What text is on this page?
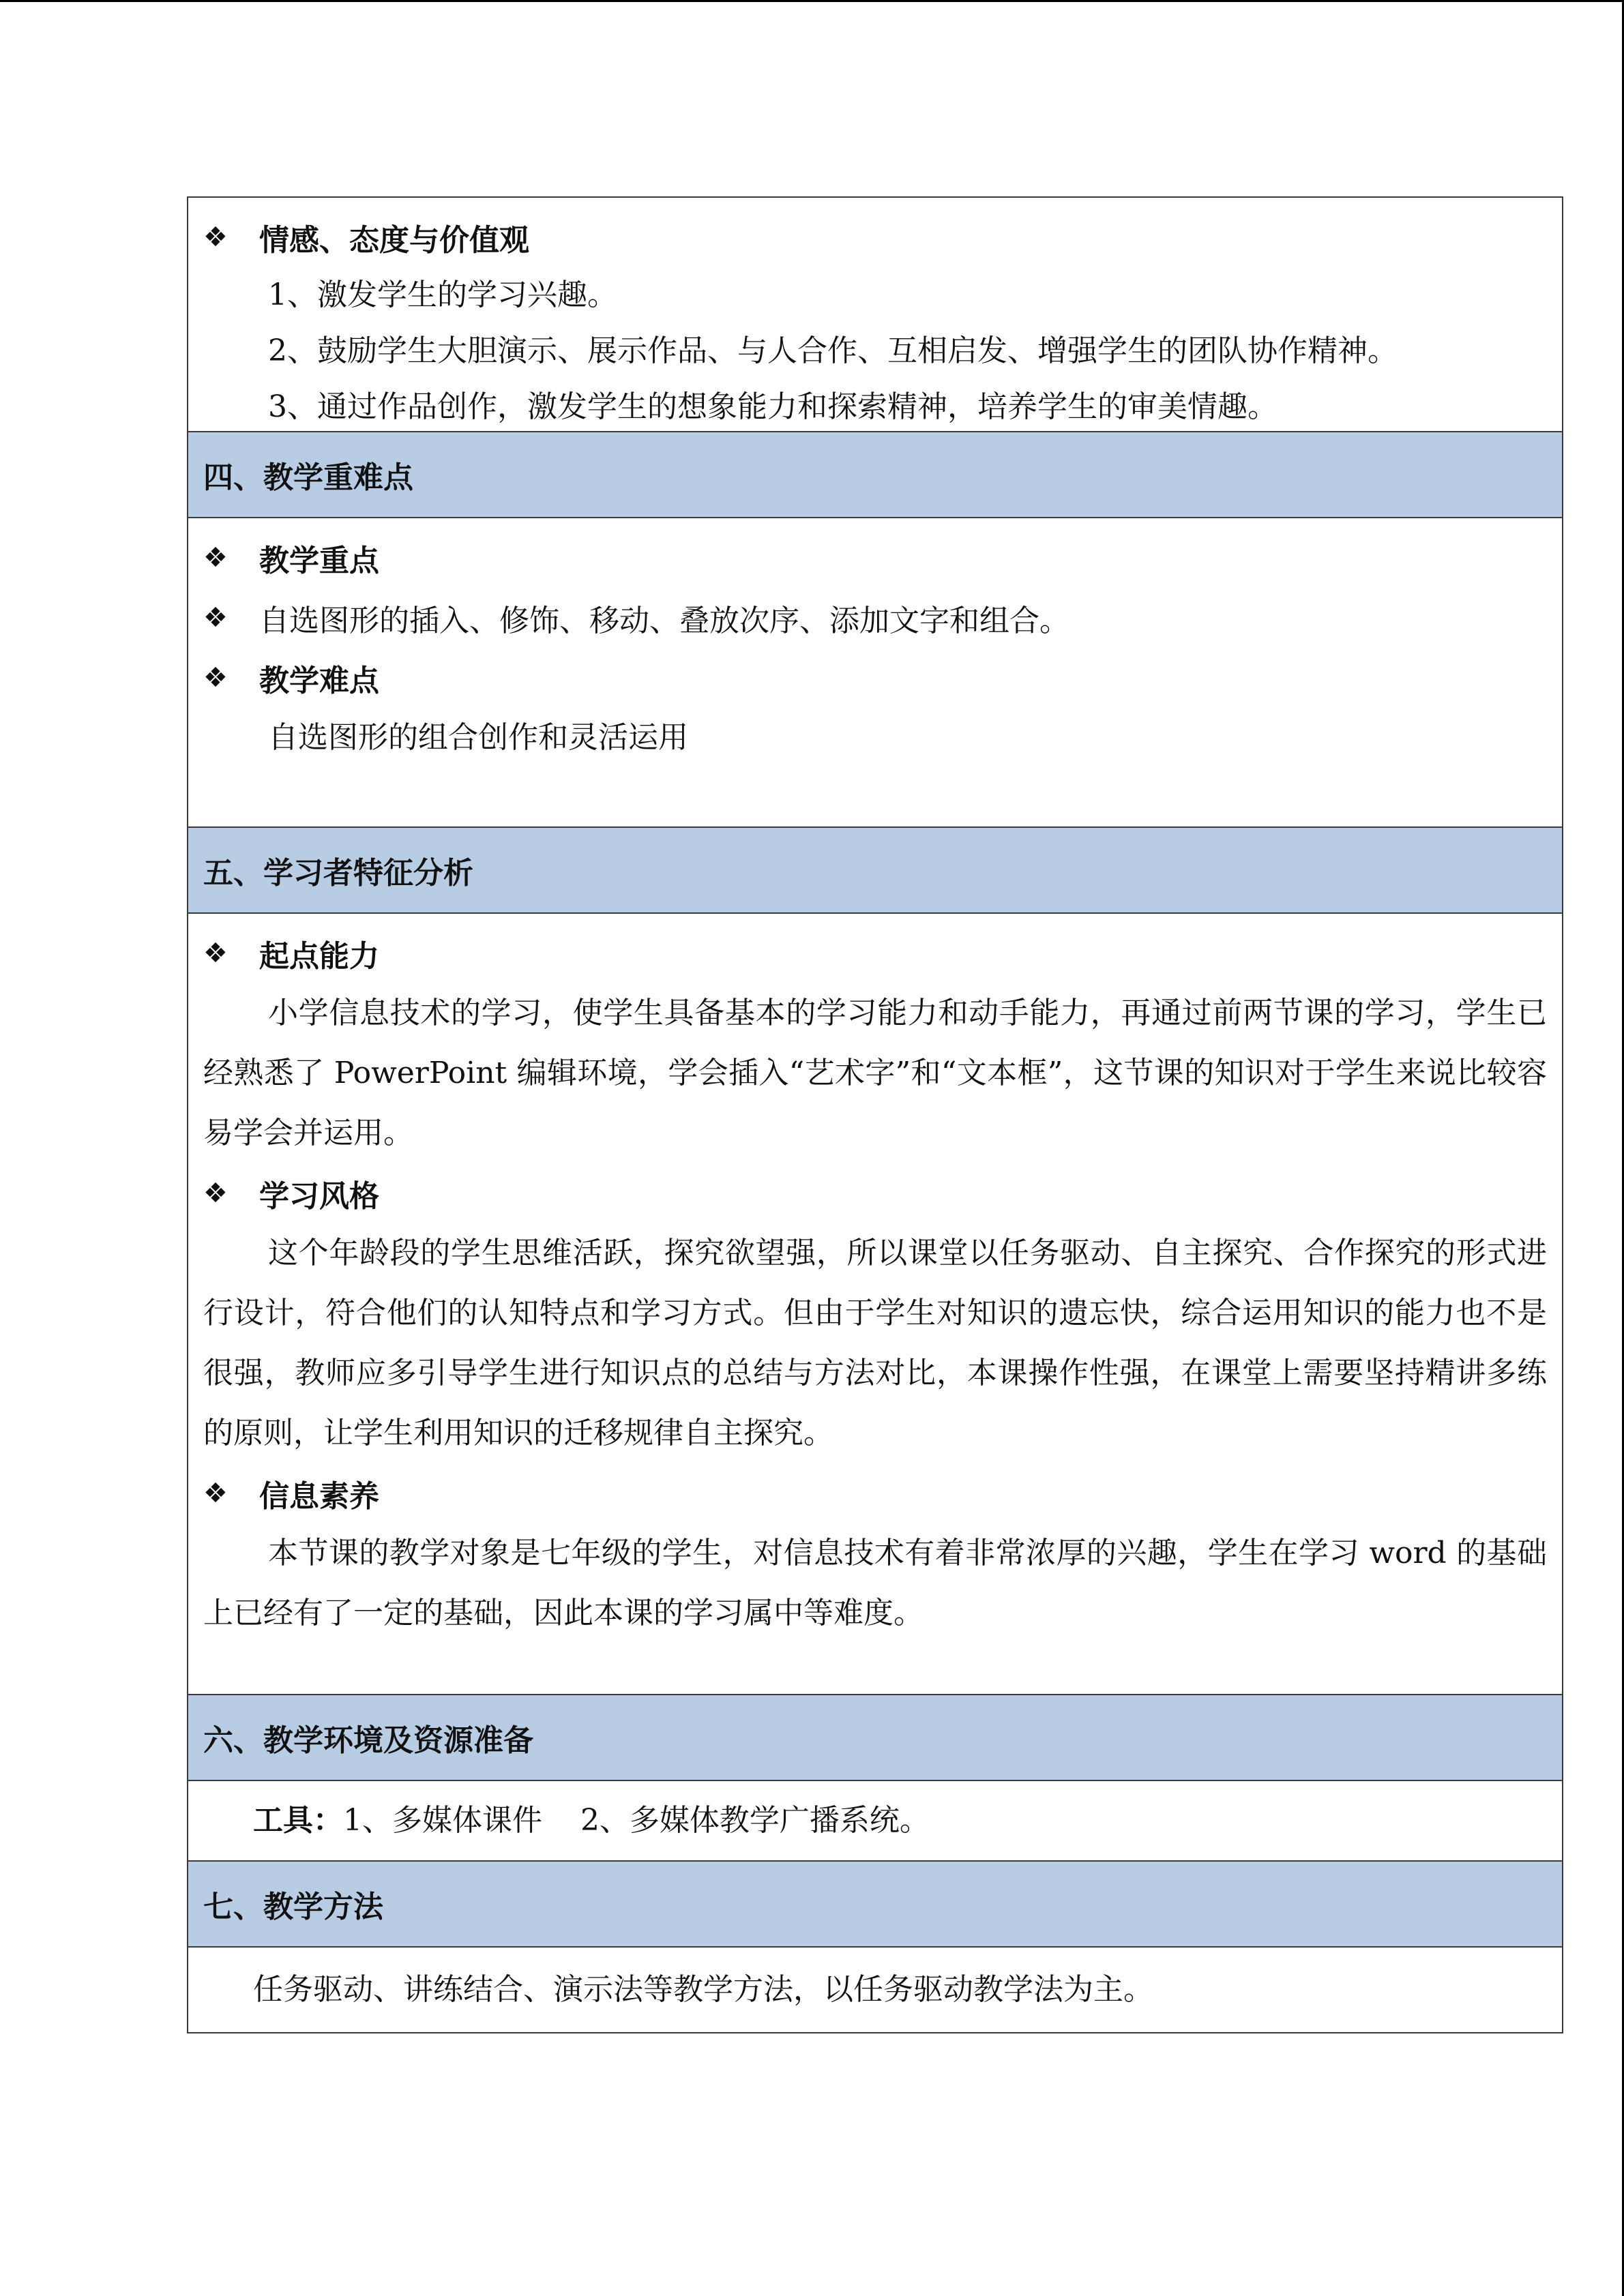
❖	情感、态度与价值观
1、激发学生的学习兴趣。
2、鼓励学生大胆演示、展示作品、与人合作、互相启发、增强学生的团队协作精神。
3、通过作品创作，激发学生的想象能力和探索精神，培养学生的审美情趣。
四、教学重难点
❖	教学重点
❖	自选图形的插入、修饰、移动、叠放次序、添加文字和组合。
❖	教学难点
自选图形的组合创作和灵活运用
五、学习者特征分析
❖	起点能力

小学信息技术的学习，使学生具备基本的学习能力和动手能力，再通过前两节课的学习，学生已经熟悉了 PowerPoint 编辑环境，学会插入“艺术字”和“文本框”，这节课的知识对于学生来说比较容易学会并运用。

❖	学习风格

这个年龄段的学生思维活跃，探究欲望强，所以课堂以任务驱动、自主探究、合作探究的形式进行设计，符合他们的认知特点和学习方式。但由于学生对知识的遗忘快，综合运用知识的能力也不是很强，教师应多引导学生进行知识点的总结与方法对比，本课操作性强，在课堂上需要坚持精讲多练的原则，让学生利用知识的迁移规律自主探究。

❖	信息素养

本节课的教学对象是七年级的学生，对信息技术有着非常浓厚的兴趣，学生在学习 word 的基础上已经有了一定的基础，因此本课的学习属中等难度。

六、教学环境及资源准备
工具：1、多媒体课件    2、多媒体教学广播系统。
七、教学方法
任务驱动、讲练结合、演示法等教学方法，以任务驱动教学法为主。
